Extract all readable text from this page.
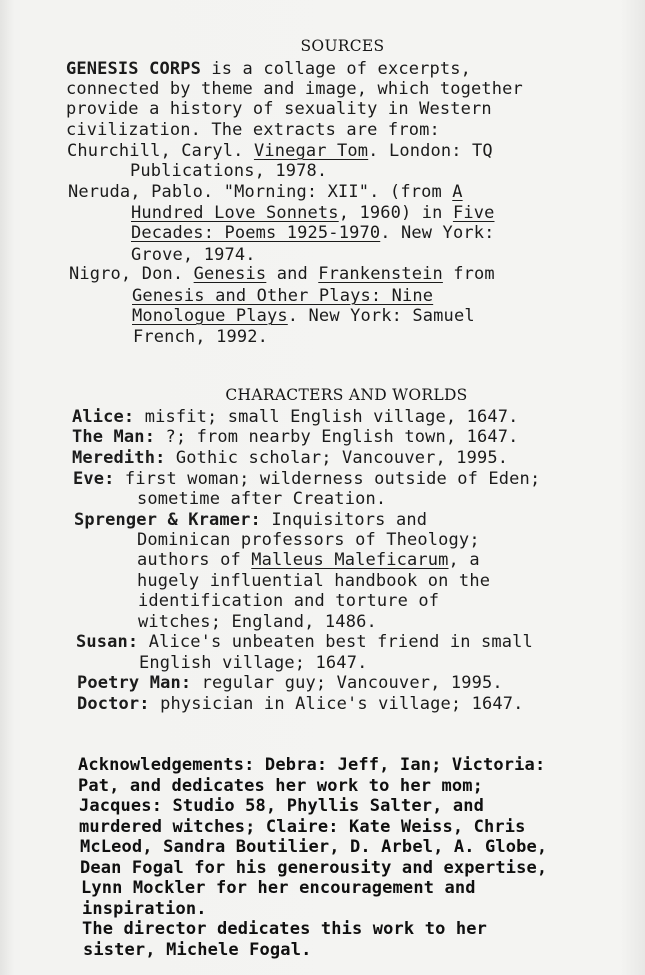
SOURCES
GENESIS CORPS is a collage of excerpts,
connected by theme and image, which together
provide a history of sexuality in Western
civilization. The extracts are from:
Churchill, Caryl. Vinegar Tom. London: TQ
Publications, 1978.
Neruda, Pablo. "Morning: XII". (from A
Hundred Love Sonnets, 1960) in Five
Decades: Poems 1925-1970. New York:
Grove, 1974.
Nigro, Don. Genesis and Frankenstein from
Genesis and Other Plays: Nine
Monologue Plays. New York: Samuel
French, 1992.
CHARACTERS AND WORLDS
Alice: misfit; small English village, 1647.
The Man: ?; from nearby English town, 1647.
Meredith: Gothic scholar; Vancouver, 1995.
Eve: first woman; wilderness outside of Eden;
sometime after Creation.
Sprenger & Kramer: Inquisitors and
Dominican professors of Theology;
authors of Malleus Maleficarum, a
hugely influential handbook on the
identification and torture of
witches; England, 1486.
Susan: Alice's unbeaten best friend in small
English village; 1647.
Poetry Man: regular guy; Vancouver, 1995.
Doctor: physician in Alice's village; 1647.
Acknowledgements: Debra: Jeff, Ian; Victoria:
Pat, and dedicates her work to her mom;
Jacques: Studio 58, Phyllis Salter, and
murdered witches; Claire: Kate Weiss, Chris
McLeod, Sandra Boutilier, D. Arbel, A. Globe,
Dean Fogal for his generousity and expertise,
Lynn Mockler for her encouragement and
inspiration.
The director dedicates this work to her
sister, Michele Fogal.
